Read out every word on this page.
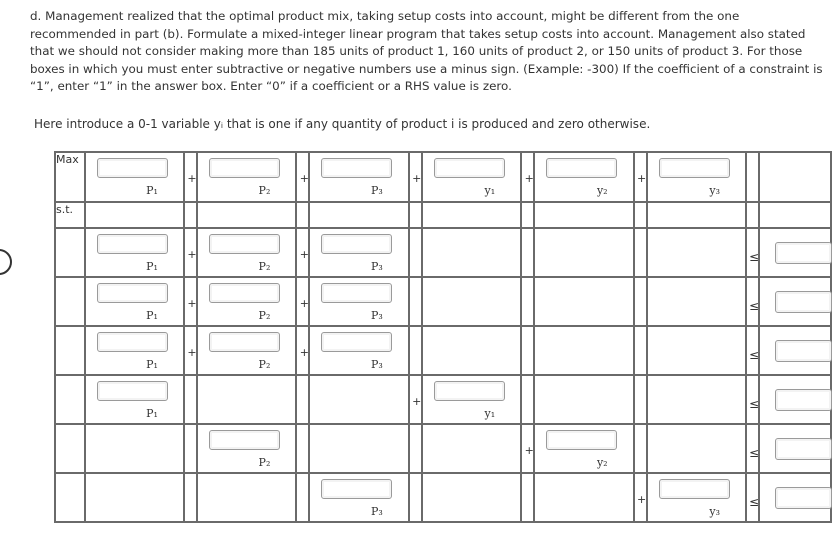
d. Management realized that the optimal product mix, taking setup costs into account, might be different from the one recommended in part (b). Formulate a mixed-integer linear program that takes setup costs into account. Management also stated that we should not consider making more than 185 units of product 1, 160 units of product 2, or 150 units of product 3. For those boxes in which you must enter subtractive or negative numbers use a minus sign. (Example: -300) If the coefficient of a constraint is “1”, enter “1” in the answer box. Enter “0” if a coefficient or a RHS value is zero.

Here introduce a 0-1 variable yᵢ that is one if any quantity of product i is produced and zero otherwise.

Max	P₁	+	P₂	+	P₃	+	y₁	+	y₂	+	y₃		

s.t.													

	P₁	+	P₂	+	P₃							≤	

	P₁	+	P₂	+	P₃							≤	

	P₁	+	P₂	+	P₃							≤	

	P₁					+	y₁					≤	

			P₂					+	y₂			≤	

					P₃					+	y₃	≤	
